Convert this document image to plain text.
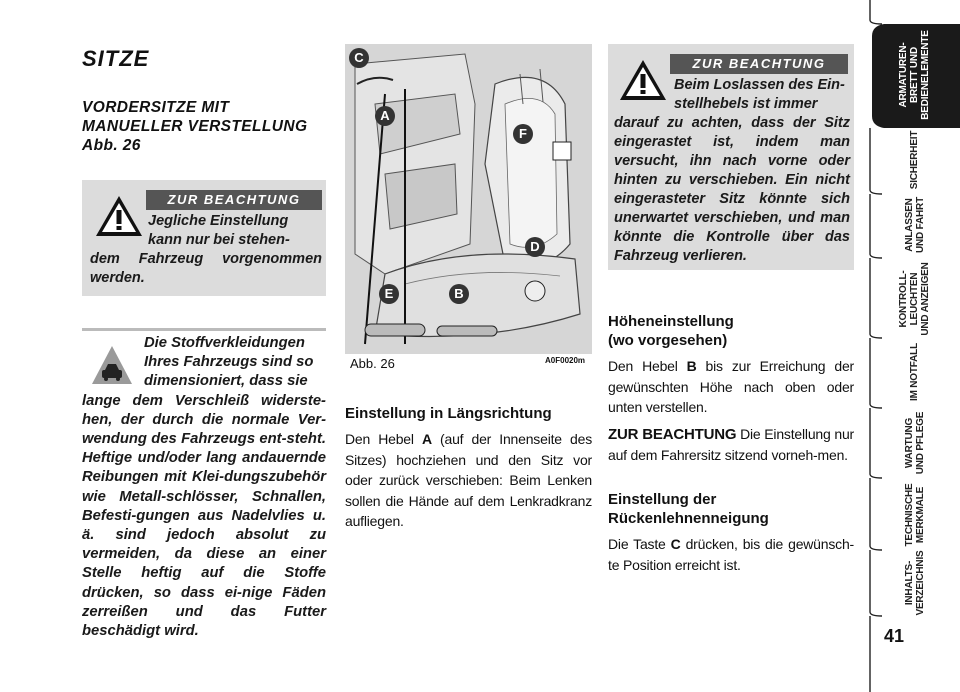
SITZE
VORDERSITZE MIT
MANUELLER VERSTELLUNG
Abb. 26
ZUR BEACHTUNG
Jegliche Einstellung
kann nur bei stehen-
dem Fahrzeug vorgenommen werden.
Die Stoffverkleidungen
Ihres Fahrzeugs sind so
dimensioniert, dass sie
lange dem Verschleiß widerste-hen, der durch die normale Ver-wendung des Fahrzeugs ent-steht. Heftige und/oder lang andauernde Reibungen mit Klei-dungszubehör wie Metall-schlösser, Schnallen, Befesti-gungen aus Nadelvlies u. ä. sind jedoch absolut zu vermeiden, da diese an einer Stelle heftig auf die Stoffe drücken, so dass ei-nige Fäden zerreißen und das Futter beschädigt wird.
C
A
F
D
E	B
Abb. 26	A0F0020m
Einstellung in Längsrichtung
Den Hebel A (auf der Innenseite des Sitzes) hochziehen und den Sitz vor oder zurück verschieben: Beim Lenken sollen die Hände auf dem Lenkradkranz aufliegen.
ZUR BEACHTUNG
Beim Loslassen des Ein-
stellhebels ist immer
darauf zu achten, dass der Sitz eingerastet ist, indem man versucht, ihn nach vorne oder hinten zu verschieben. Ein nicht eingerasteter Sitz könnte sich unerwartet verschieben, und man könnte die Kontrolle über das Fahrzeug verlieren.
Höheneinstellung
(wo vorgesehen)
Den Hebel B bis zur Erreichung der gewünschten Höhe nach oben oder unten verstellen.
ZUR BEACHTUNG Die Einstellung nur auf dem Fahrersitz sitzend vorneh-men.
Einstellung der
Rückenlehnenneigung
Die Taste C drücken, bis die gewünsch-te Position erreicht ist.
ARMATUREN- BRETT UND BEDIENELEMENTE
SICHERHEIT
ANLASSEN UND FAHRT
KONTROLL- LEUCHTEN UND ANZEIGEN
IM NOTFALL
WARTUNG UND PFLEGE
TECHNISCHE MERKMALE
INHALTS- VERZEICHNIS
41
